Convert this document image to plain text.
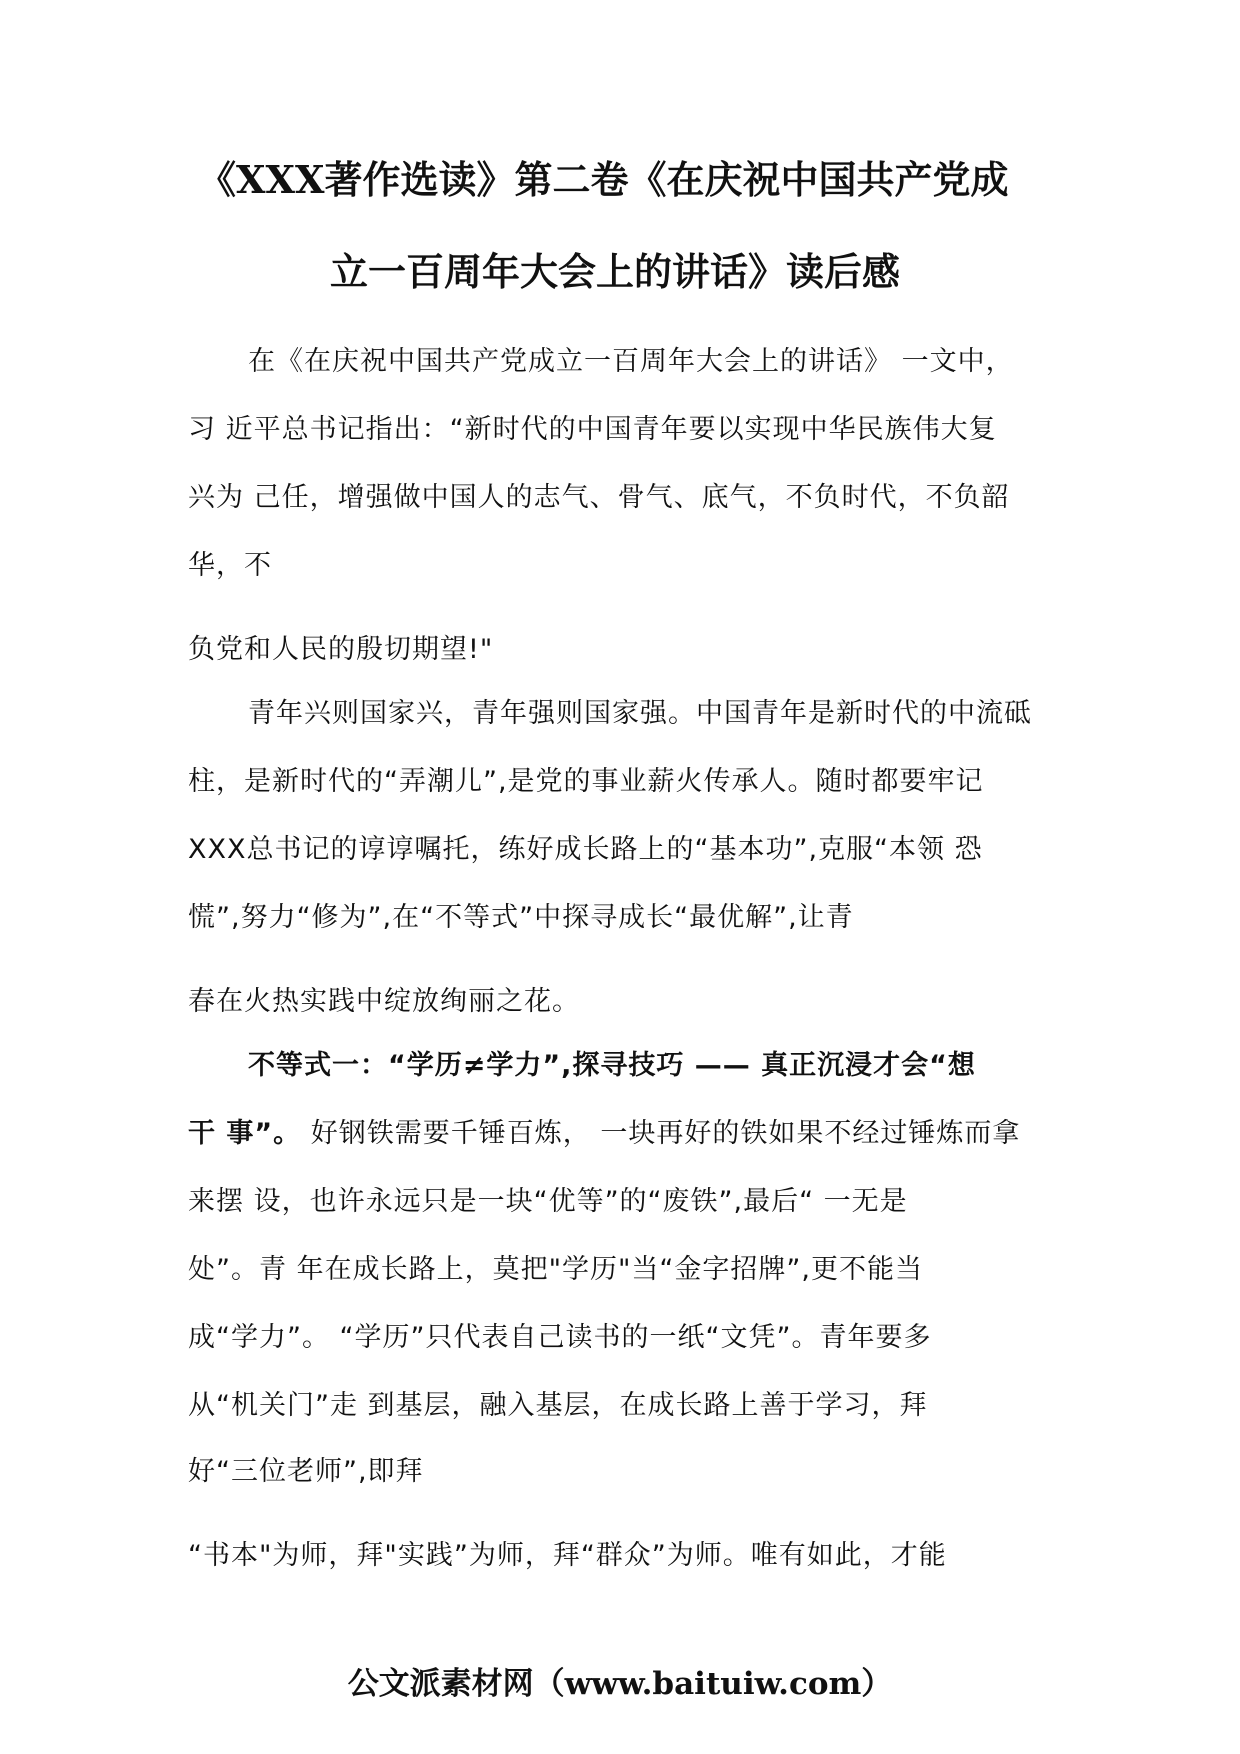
《XXX著作选读》第二卷《在庆祝中国共产党成
立一百周年大会上的讲话》读后感
在《在庆祝中国共产党成立一百周年大会上的讲话》 一文中，
习 近平总书记指出：“新时代的中国青年要以实现中华民族伟大复
兴为 己任，增强做中国人的志气、骨气、底气，不负时代，不负韶
华，不
负党和人民的殷切期望!"
青年兴则国家兴，青年强则国家强。中国青年是新时代的中流砥
柱，是新时代的“弄潮儿”,是党的事业薪火传承人。随时都要牢记
XXX总书记的谆谆嘱托，练好成长路上的“基本功”,克服“本领 恐
慌”,努力“修为”,在“不等式”中探寻成长“最优解”,让青
春在火热实践中绽放绚丽之花。
不等式一：“学历≠学力”,探寻技巧 —— 真正沉浸才会“想
干 事”。 好钢铁需要千锤百炼， 一块再好的铁如果不经过锤炼而拿
来摆 设，也许永远只是一块“优等”的“废铁”,最后“ 一无是
处”。青 年在成长路上，莫把"学历"当“金字招牌”,更不能当
成“学力”。 “学历”只代表自己读书的一纸“文凭”。青年要多
从“机关门”走 到基层，融入基层，在成长路上善于学习，拜
好“三位老师”,即拜
“书本"为师，拜"实践”为师，拜“群众”为师。唯有如此，才能
公文派素材网（www.baituiw.com）
